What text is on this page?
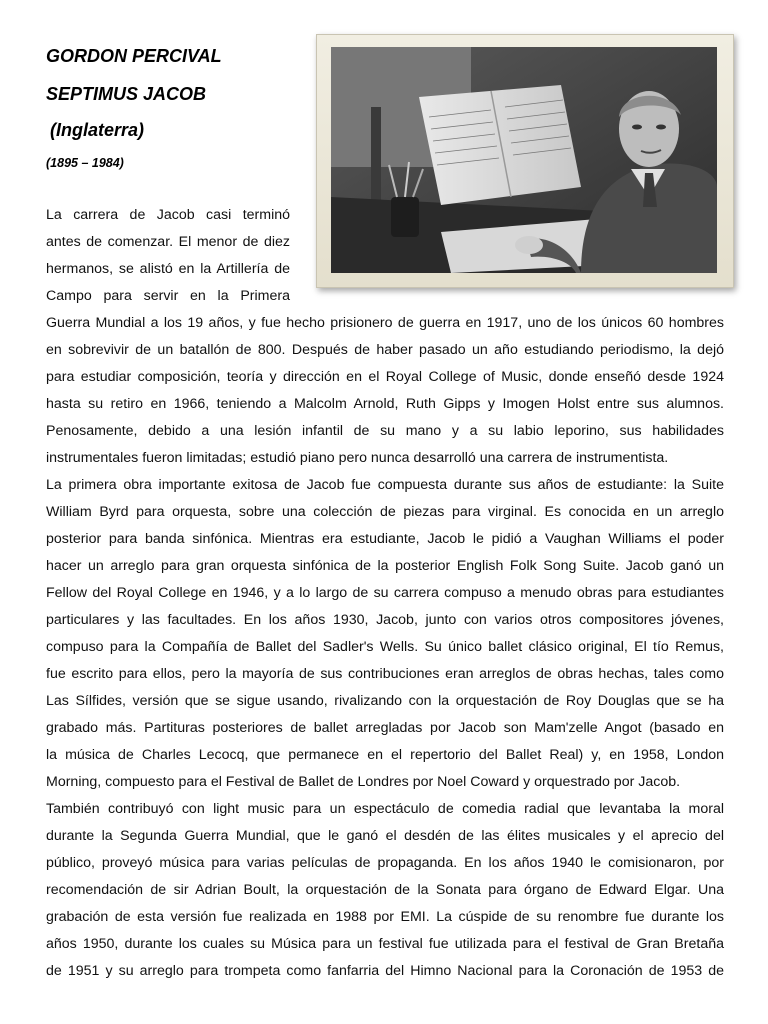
GORDON PERCIVAL
SEPTIMUS JACOB
(Inglaterra)
(1895 – 1984)
La carrera de Jacob casi terminó
antes de comenzar. El menor de diez
hermanos, se alistó en la Artillería de
Campo para servir en la Primera
Guerra Mundial a los 19 años, y fue hecho prisionero de guerra en 1917, uno de los únicos 60 hombres
en sobrevivir de un batallón de 800. Después de haber pasado un año estudiando periodismo, la dejó
para estudiar composición, teoría y dirección en el Royal College of Music, donde enseñó desde 1924
hasta su retiro en 1966, teniendo a Malcolm Arnold, Ruth Gipps y Imogen Holst entre sus alumnos.
Penosamente, debido a una lesión infantil de su mano y a su labio leporino, sus habilidades
instrumentales fueron limitadas; estudió piano pero nunca desarrolló una carrera de instrumentista.
La primera obra importante exitosa de Jacob fue compuesta durante sus años de estudiante: la Suite
William Byrd para orquesta, sobre una colección de piezas para virginal. Es conocida en un arreglo
posterior para banda sinfónica. Mientras era estudiante, Jacob le pidió a Vaughan Williams el poder
hacer un arreglo para gran orquesta sinfónica de la posterior English Folk Song Suite. Jacob ganó un
Fellow del Royal College en 1946, y a lo largo de su carrera compuso a menudo obras para estudiantes
particulares y las facultades. En los años 1930, Jacob, junto con varios otros compositores jóvenes,
compuso para la Compañía de Ballet del Sadler's Wells. Su único ballet clásico original, El tío Remus,
fue escrito para ellos, pero la mayoría de sus contribuciones eran arreglos de obras hechas, tales como
Las Sílfides, versión que se sigue usando, rivalizando con la orquestación de Roy Douglas que se ha
grabado más. Partituras posteriores de ballet arregladas por Jacob son Mam'zelle Angot (basado en
la música de Charles Lecocq, que permanece en el repertorio del Ballet Real) y, en 1958, London
Morning, compuesto para el Festival de Ballet de Londres por Noel Coward y orquestrado por Jacob.
También contribuyó con light music para un espectáculo de comedia radial que levantaba la moral
durante la Segunda Guerra Mundial, que le ganó el desdén de las élites musicales y el aprecio del
público, proveyó música para varias películas de propaganda. En los años 1940 le comisionaron, por
recomendación de sir Adrian Boult, la orquestación de la Sonata para órgano de Edward Elgar. Una
grabación de esta versión fue realizada en 1988 por EMI. La cúspide de su renombre fue durante los
años 1950, durante los cuales su Música para un festival fue utilizada para el festival de Gran Bretaña
de 1951 y su arreglo para trompeta como fanfarria del Himno Nacional para la Coronación de 1953 de
